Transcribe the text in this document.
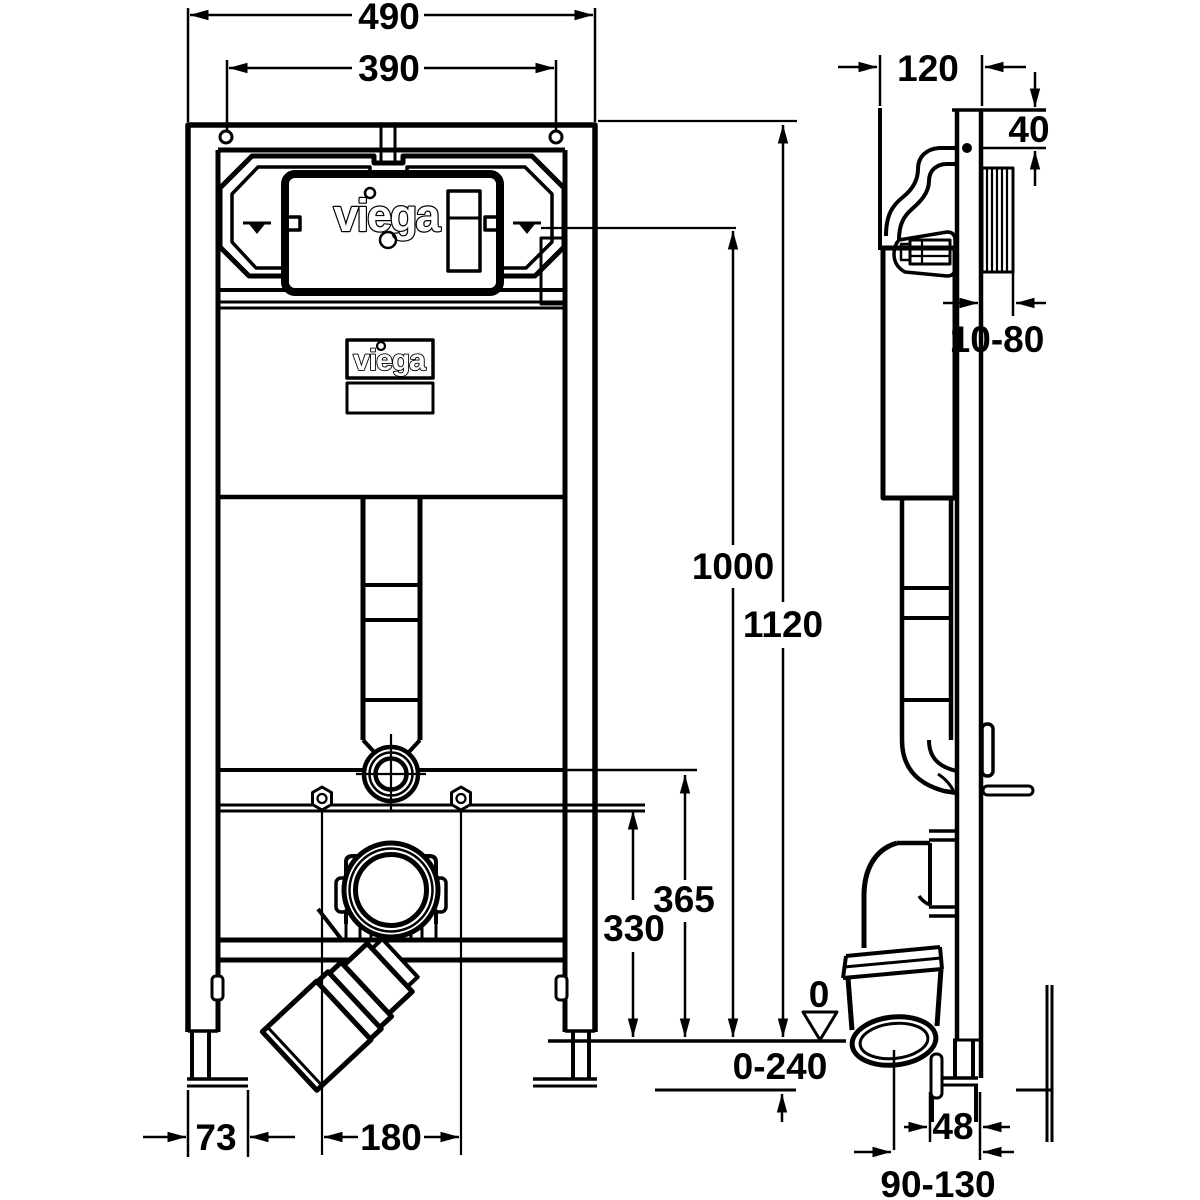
viega
viega
0
0-240
490
390
1000
1120
365
330
73	180
120
40
10-80
48
90-130
